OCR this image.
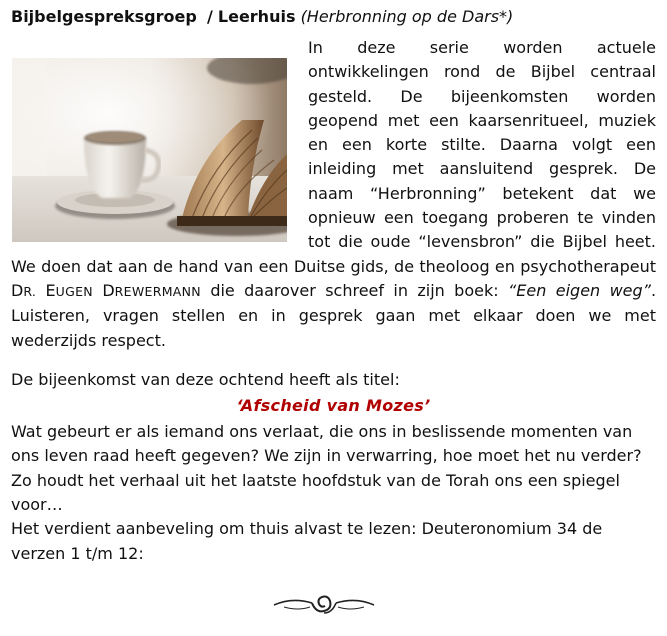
Bijbelgespreksgroep / Leerhuis (Herbronning op de Dars*)

In deze serie worden actuele ontwikkelingen rond de Bijbel centraal gesteld. De bijeenkomsten worden geopend met een kaarsenritueel, muziek en een korte stilte. Daarna volgt een inleiding met aansluitend gesprek. De naam “Herbronning” betekent dat we opnieuw een toegang proberen te vinden tot die oude “levensbron” die Bijbel heet. We doen dat aan de hand van een Duitse gids, de theoloog en psychotherapeut DR. EUGEN DREWERMANN die daarover schreef in zijn boek: “Een eigen weg”. Luisteren, vragen stellen en in gesprek gaan met elkaar doen we met wederzijds respect.

De bijeenkomst van deze ochtend heeft als titel:

‘Afscheid van Mozes’

Wat gebeurt er als iemand ons verlaat, die ons in beslissende momenten van ons leven raad heeft gegeven? We zijn in verwarring, hoe moet het nu verder? Zo houdt het verhaal uit het laatste hoofdstuk van de Torah ons een spiegel voor…

Het verdient aanbeveling om thuis alvast te lezen: Deuteronomium 34 de verzen 1 t/m 12:
